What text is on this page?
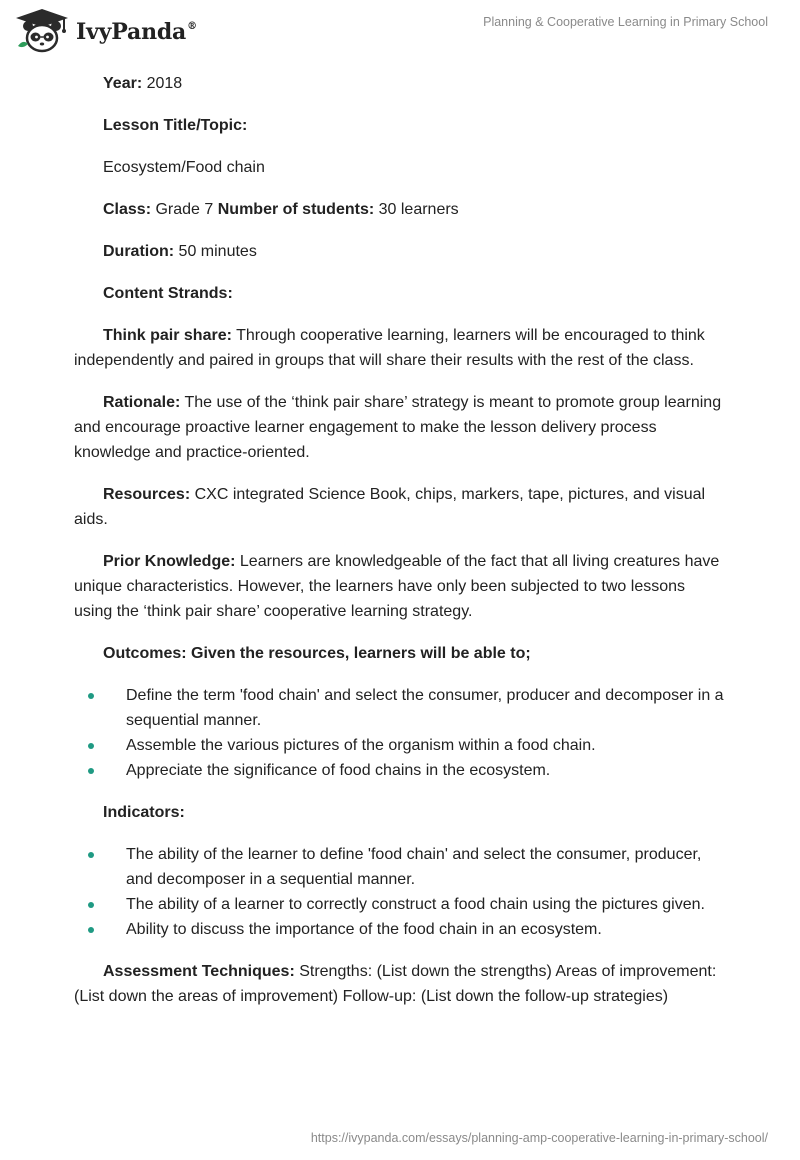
IvyPanda®	Planning & Cooperative Learning in Primary School

Year: 2018

Lesson Title/Topic:

Ecosystem/Food chain

Class: Grade 7 Number of students: 30 learners

Duration: 50 minutes

Content Strands:

Think pair share: Through cooperative learning, learners will be encouraged to think independently and paired in groups that will share their results with the rest of the class.

Rationale: The use of the ‘think pair share’ strategy is meant to promote group learning and encourage proactive learner engagement to make the lesson delivery process knowledge and practice-oriented.

Resources: CXC integrated Science Book, chips, markers, tape, pictures, and visual aids.

Prior Knowledge: Learners are knowledgeable of the fact that all living creatures have unique characteristics. However, the learners have only been subjected to two lessons using the ‘think pair share’ cooperative learning strategy.

Outcomes: Given the resources, learners will be able to;

Define the term 'food chain' and select the consumer, producer and decomposer in a sequential manner.
Assemble the various pictures of the organism within a food chain.
Appreciate the significance of food chains in the ecosystem.

Indicators:

The ability of the learner to define 'food chain' and select the consumer, producer, and decomposer in a sequential manner.
The ability of a learner to correctly construct a food chain using the pictures given.
Ability to discuss the importance of the food chain in an ecosystem.

Assessment Techniques: Strengths: (List down the strengths) Areas of improvement: (List down the areas of improvement) Follow-up: (List down the follow-up strategies)

https://ivypanda.com/essays/planning-amp-cooperative-learning-in-primary-school/
